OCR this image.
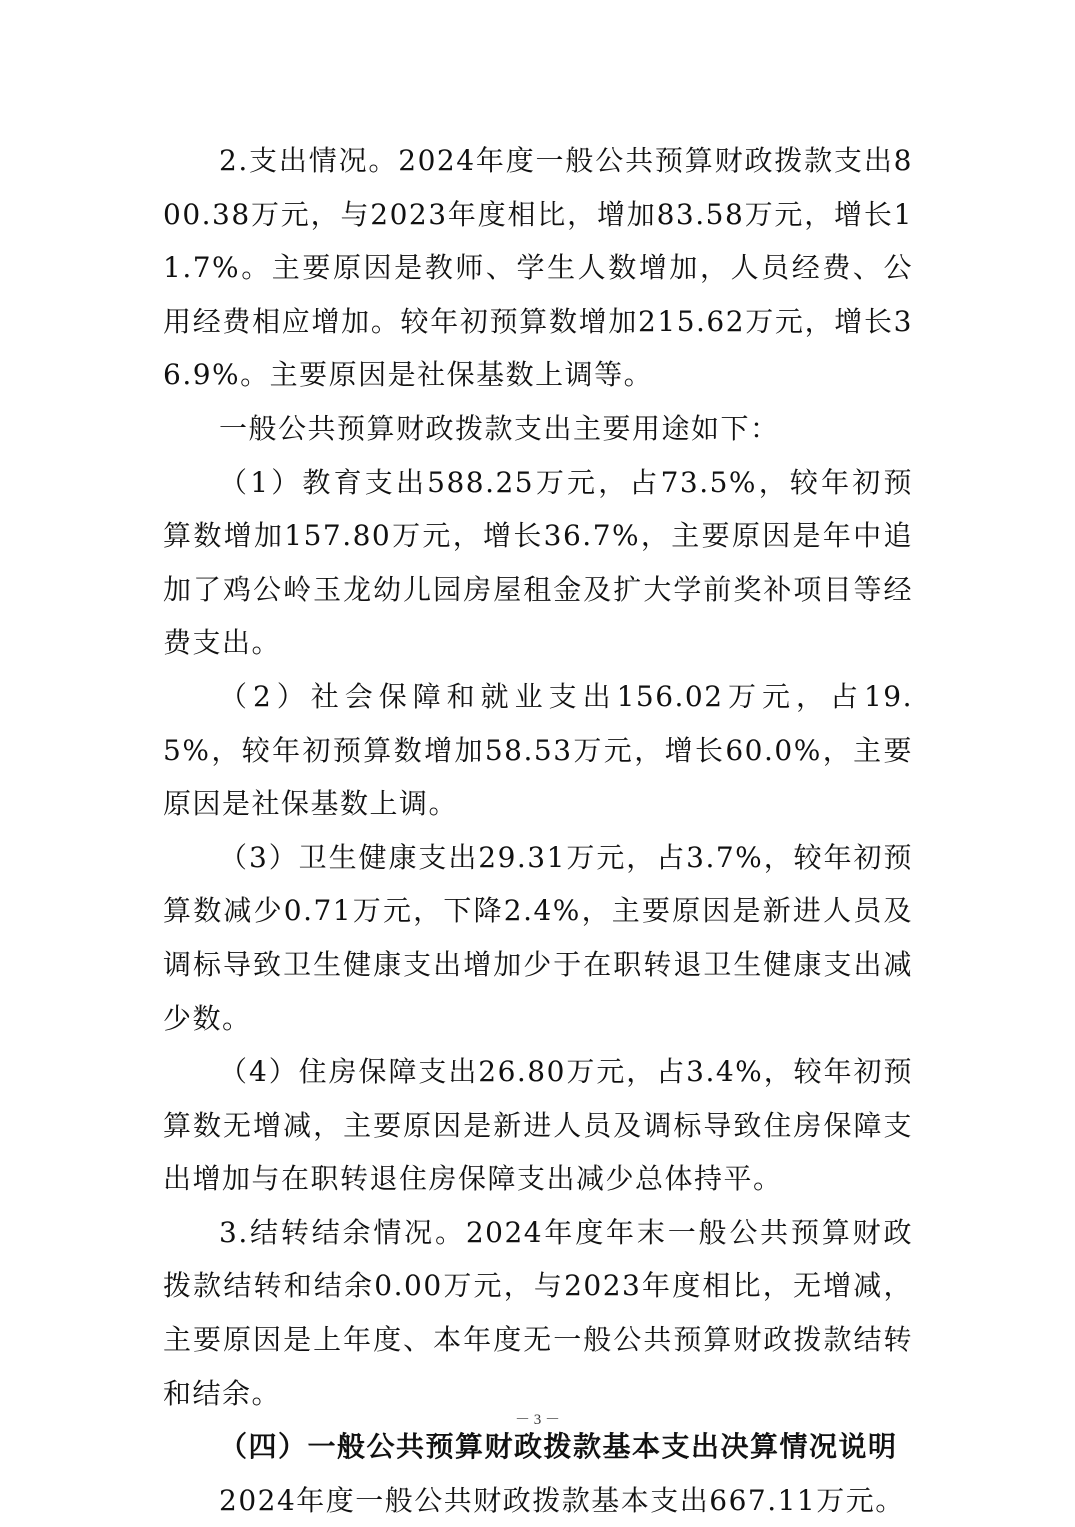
2.支出情况。2024年度一般公共预算财政拨款支出800.38万元，与2023年度相比，增加83.58万元，增长11.7%。主要原因是教师、学生人数增加，人员经费、公用经费相应增加。较年初预算数增加215.62万元，增长36.9%。主要原因是社保基数上调等。

一般公共预算财政拨款支出主要用途如下：

（1）教育支出588.25万元，占73.5%，较年初预算数增加157.80万元，增长36.7%，主要原因是年中追加了鸡公岭玉龙幼儿园房屋租金及扩大学前奖补项目等经费支出。

（2）社会保障和就业支出156.02万元，占19.5%，较年初预算数增加58.53万元，增长60.0%，主要原因是社保基数上调。

（3）卫生健康支出29.31万元，占3.7%，较年初预算数减少0.71万元，下降2.4%，主要原因是新进人员及调标导致卫生健康支出增加少于在职转退卫生健康支出减少数。

（4）住房保障支出26.80万元，占3.4%，较年初预算数无增减，主要原因是新进人员及调标导致住房保障支出增加与在职转退住房保障支出减少总体持平。

3.结转结余情况。2024年度年末一般公共预算财政拨款结转和结余0.00万元，与2023年度相比，无增减，主要原因是上年度、本年度无一般公共预算财政拨款结转和结余。

（四）一般公共预算财政拨款基本支出决算情况说明

2024年度一般公共财政拨款基本支出667.11万元。

－ 3 －
